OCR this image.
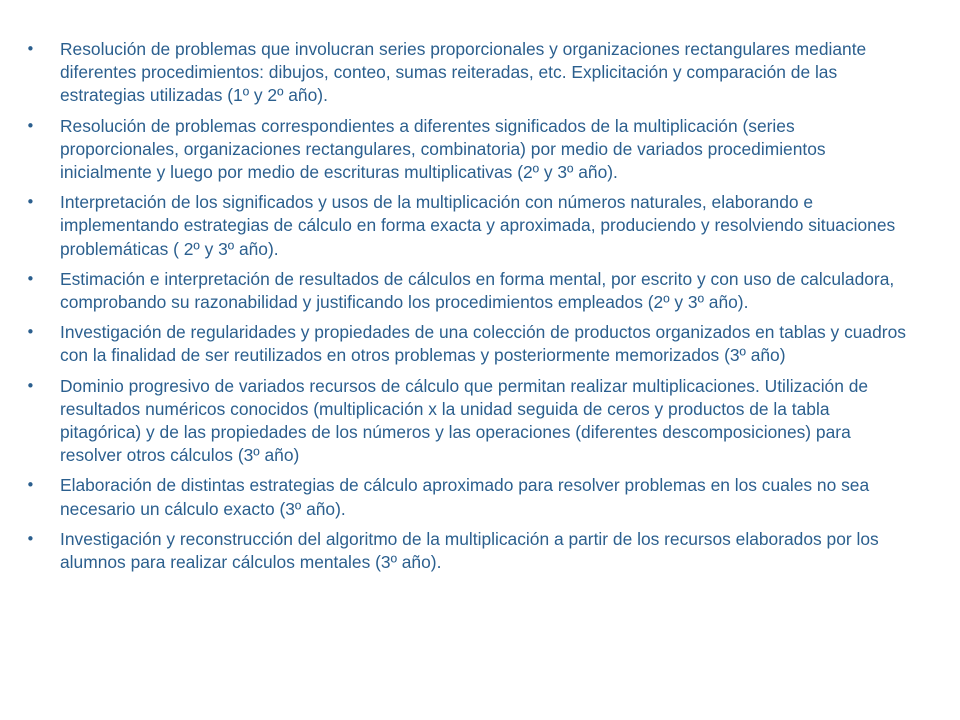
• Resolución de problemas que involucran series proporcionales y organizaciones rectangulares mediante diferentes procedimientos: dibujos, conteo, sumas reiteradas, etc. Explicitación y comparación de las estrategias utilizadas (1º y 2º año).
• Resolución de problemas correspondientes a diferentes significados de la multiplicación (series proporcionales, organizaciones rectangulares, combinatoria) por medio de variados procedimientos inicialmente y luego por medio de escrituras multiplicativas (2º y 3º año).
• Interpretación de los significados y usos de la multiplicación con números naturales, elaborando e implementando estrategias de cálculo en forma exacta y aproximada, produciendo y resolviendo situaciones problemáticas ( 2º y 3º año).
• Estimación e interpretación de resultados de cálculos en forma mental, por escrito y con uso de calculadora, comprobando su razonabilidad y justificando los procedimientos empleados (2º y 3º año).
• Investigación de regularidades y propiedades de una colección de productos organizados en tablas y cuadros con la finalidad de ser reutilizados en otros problemas y posteriormente memorizados (3º año)
• Dominio progresivo de variados recursos de cálculo que permitan realizar multiplicaciones. Utilización de resultados numéricos conocidos (multiplicación x la unidad seguida de ceros y productos de la tabla pitagórica) y de las propiedades de los números y las operaciones (diferentes descomposiciones) para resolver otros cálculos (3º año)
• Elaboración de distintas estrategias de cálculo aproximado para resolver problemas en los cuales no sea necesario un cálculo exacto (3º año).
• Investigación y reconstrucción del algoritmo de la multiplicación a partir de los recursos elaborados por los alumnos para realizar cálculos mentales (3º año).
